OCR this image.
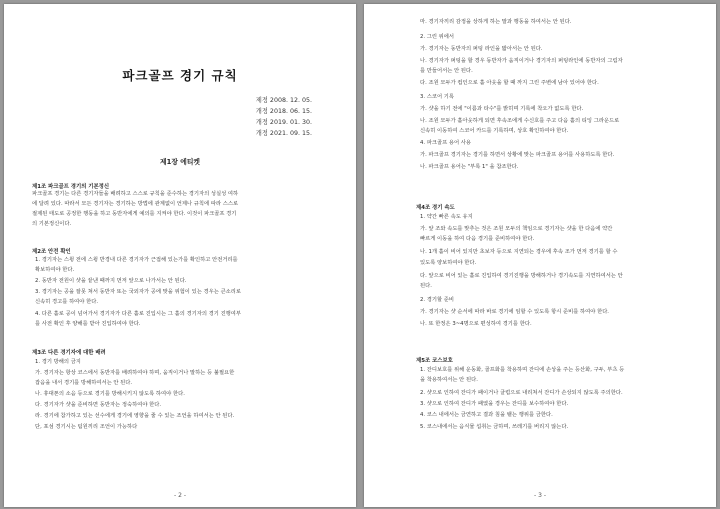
파크골프 경기 규칙
제정 2008. 12. 05.
개정 2018. 06. 15.
개정 2019. 01. 30.
개정 2021. 09. 15.
제1장 에티켓
제1조 파크골프 경기의 기본정신
파크골프 경기는 다른 경기자들을 배려하고 스스로 규칙을 준수하는 경기자의 성실성 여하
에 달려 있다. 따라서 모든 경기자는 경기하는 방법에 관계없이 언제나 규칙에 따라 스스로
절제된 태도로 공정한 행동을 하고 동반자에게 예의를 지켜야 한다. 이것이 파크골프 경기
의 기본정신이다.
제2조 안전 확인
1. 경기자는 스윙 전에 스윙 반경내 다른 경기자가 근접해 있는가를 확인하고 안전거리를
확보하여야 한다.
2. 동반자 전원이 샷을 끝낸 때까지 먼저 앞으로 나가서는 안 된다.
3. 경기자는 공을 잘못 쳐서 동반자 또는 국외자가 공에 맞을 위험이 있는 경우는 큰소리로
신속히 경고를 하여야 한다.
4. 다른 홀로 공이 넘어가서 경기자가 다른 홀로 진입시는 그 홀의 경기자의 경기 진행여부
를 사전 확인 후 양해를 받아 진입하여야 한다.
제3조 다른 경기자에 대한 배려
1. 경기 방해의 금지
가. 경기자는 항상 코스에서 동반자를 배려하여야 하며, 움직이거나 말하는 등 불필요한
잡음을 내서 경기를 방해하여서는 안 된다.
나. 휴대폰의 소음 등으로 경기를 방해시키지 않도록 하여야 한다.
다. 경기자가 샷을 준비하면 동반자는 정숙하여야 한다.
라. 경기에 참가하고 있는 선수에게 경기에 영향을 줄 수 있는 조언을 하여서는 안 된다.
단, 포섬 경기시는 팀원끼리 조언이 가능하다
- 2 -
마. 경기자끼리 감정을 상하게 하는 말과 행동을 하여서는 안 된다.
2. 그린 위에서
가. 경기자는 동반자의 퍼팅 라인을 밟아서는 안 된다.
나. 경기자가 퍼팅을 할 경우 동반자가 움직이거나 경기자의 퍼팅라인에 동반자의 그림자
를 만들어서는 안 된다.
다. 조원 모두가 컵인으로 홀 아웃을 할 때 까지 그린 주변에 남아 있어야 한다.
3. 스코어 기록
가. 샷을 하기 전에 "이름과 타수"를 밝히며 기록에 착오가 없도록 한다.
나. 조원 모두가 홀아웃하게 되면 후속조에게 수신호를 주고 다음 홀의 티잉 그라운드로
신속히 이동하여 스코어 카드를 기록하며, 상호 확인하여야 한다.
4. 파크골프 용어 사용
가. 파크골프 경기자는 경기를 하면서 상황에 맞는 파크골프 용어를 사용하도록 한다.
나. 파크골프 용어는 "부록 1" 을 참조한다.
제4조 경기 속도
1. 약간 빠른 속도 유지
가. 앞 조와 속도를 맞추는 것은 조원 모두의 책임으로 경기자는 샷을 한 다음에 약간
빠르게 이동을 하여 다음 경기를 준비하여야 한다.
나. 1개 홀이 비어 있지만 초보자 등으로 지연되는 경우에 후속 조가 먼저 경기를 할 수
있도록 양보하여야 한다.
다. 앞으로 비어 있는 홀로 진입하여 경기진행을 방해하거나 경기속도를 지연하여서는 안
된다.
2. 경기할 준비
가. 경기자는 샷 순서에 따라 바로 경기에 임할 수 있도록 항시 준비를 하여야 한다.
나. 또 한정은 3~4명으로 편성하여 경기를 한다.
제5조 코스보호
1. 잔디보호를 위해 운동화, 골프화를 착용하며 잔디에 손상을 주는 등산화, 구두, 부츠 등
을 착용하여서는 안 된다.
2. 샷으로 인하여 잔디가 패이거나 클럽으로 내리쳐서 잔디가 손상되지 않도록 주의한다.
3. 샷으로 인하여 잔디가 패였을 경우는 잔디를 보수하여야 한다.
4. 코스 내에서는 금연하고 결과 침을 뱉는 행위를 금한다.
5. 코스내에서는 음식물 섭취는 금하며, 쓰레기를 버리지 않는다.
- 3 -
